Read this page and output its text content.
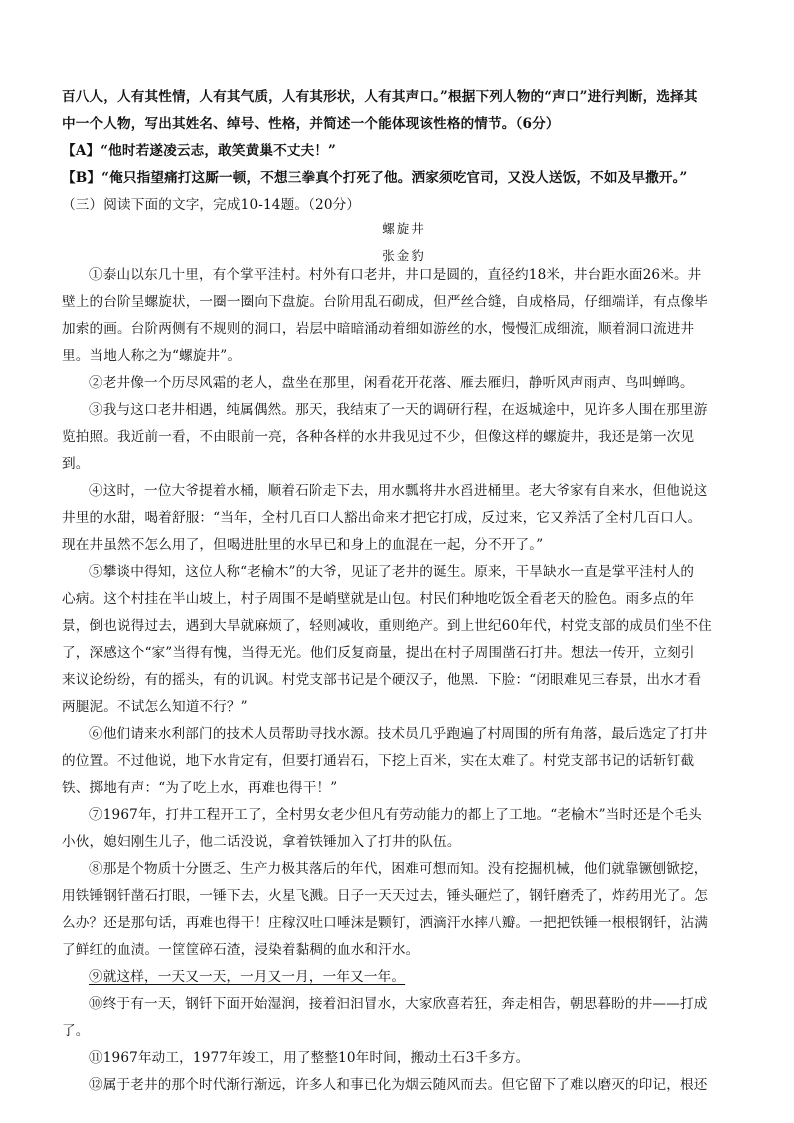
百八人，人有其性情，人有其气质，人有其形状，人有其声口。”根据下列人物的“声口”进行判断，选择其
中一个人物，写出其姓名、绰号、性格，并简述一个能体现该性格的情节。（6分）
【A】“他时若遂凌云志，敢笑黄巢不丈夫！”
【B】“俺只指望痛打这厮一顿，不想三拳真个打死了他。洒家须吃官司，又没人送饭，不如及早撒开。”
（三）阅读下面的文字，完成10-14题。（20分）
螺旋井
张金豹
①泰山以东几十里，有个掌平洼村。村外有口老井，井口是圆的，直径约18米，井台距水面26米。井
壁上的台阶呈螺旋状，一圈一圈向下盘旋。台阶用乱石砌成，但严丝合缝，自成格局，仔细端详，有点像毕
加索的画。台阶两侧有不规则的洞口，岩层中暗暗涌动着细如游丝的水，慢慢汇成细流，顺着洞口流进井
里。当地人称之为“螺旋井”。
②老井像一个历尽风霜的老人，盘坐在那里，闲看花开花落、雁去雁归，静听风声雨声、鸟叫蝉鸣。
③我与这口老井相遇，纯属偶然。那天，我结束了一天的调研行程，在返城途中，见许多人围在那里游
览拍照。我近前一看，不由眼前一亮，各种各样的水井我见过不少，但像这样的螺旋井，我还是第一次见
到。
④这时，一位大爷提着水桶，顺着石阶走下去，用水瓢将井水舀进桶里。老大爷家有自来水，但他说这
井里的水甜，喝着舒服：“当年，全村几百口人豁出命来才把它打成，反过来，它又养活了全村几百口人。
现在井虽然不怎么用了，但喝进肚里的水早已和身上的血混在一起，分不开了。”
⑤攀谈中得知，这位人称“老榆木”的大爷，见证了老井的诞生。原来，干旱缺水一直是掌平洼村人的
心病。这个村挂在半山坡上，村子周围不是峭壁就是山包。村民们种地吃饭全看老天的脸色。雨多点的年
景，倒也说得过去，遇到大旱就麻烦了，轻则减收，重则绝产。到上世纪60年代，村党支部的成员们坐不住
了，深感这个“家”当得有愧，当得无光。他们反复商量，提出在村子周围凿石打井。想法一传开，立刻引
来议论纷纷，有的摇头，有的讥讽。村党支部书记是个硬汉子，他黑．下脸：“闭眼难见三春景，出水才看
两腿泥。不试怎么知道不行？”
⑥他们请来水利部门的技术人员帮助寻找水源。技术员几乎跑遍了村周围的所有角落，最后选定了打井
的位置。不过他说，地下水肯定有，但要打通岩石，下挖上百米，实在太难了。村党支部书记的话斩钉截
铁、掷地有声：“为了吃上水，再难也得干！”
⑦1967年，打井工程开工了，全村男女老少但凡有劳动能力的都上了工地。“老榆木”当时还是个毛头
小伙，媳妇刚生儿子，他二话没说，拿着铁锤加入了打井的队伍。
⑧那是个物质十分匮乏、生产力极其落后的年代，困难可想而知。没有挖掘机械，他们就靠镢刨锨挖，
用铁锤钢钎凿石打眼，一锤下去，火星飞溅。日子一天天过去，锤头砸烂了，钢钎磨秃了，炸药用光了。怎
么办？还是那句话，再难也得干！庄稼汉吐口唾沫是颗钉，洒滴汗水摔八瓣。一把把铁锤一根根钢钎，沾满
了鲜红的血渍。一筐筐碎石渣，浸染着黏稠的血水和汗水。
⑨就这样，一天又一天，一月又一月，一年又一年。
⑩终于有一天，钢钎下面开始湿润，接着汩汩冒水，大家欣喜若狂，奔走相告，朝思暮盼的井——打成
了。
⑪1967年动工，1977年竣工，用了整整10年时间，搬动土石3千多方。
⑫属于老井的那个时代渐行渐远，许多人和事已化为烟云随风而去。但它留下了难以磨灭的印记，根还
